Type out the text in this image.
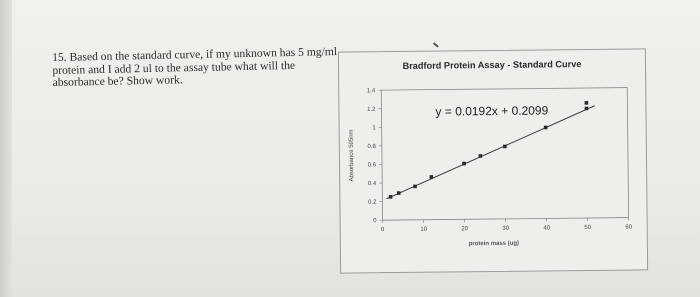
15. Based on the standard curve, if my unknown has 5 mg/ml protein and I add 2 ul to the assay tube what will the absorbance be? Show work.
Bradford Protein Assay - Standard Curve
Absorbance 595nm
protein mass (ug)
0
0.2
0.4
0.6
0.8
1
1.2
1.4
0	10	20	30	40	50	60
y = 0.0192x + 0.2099
